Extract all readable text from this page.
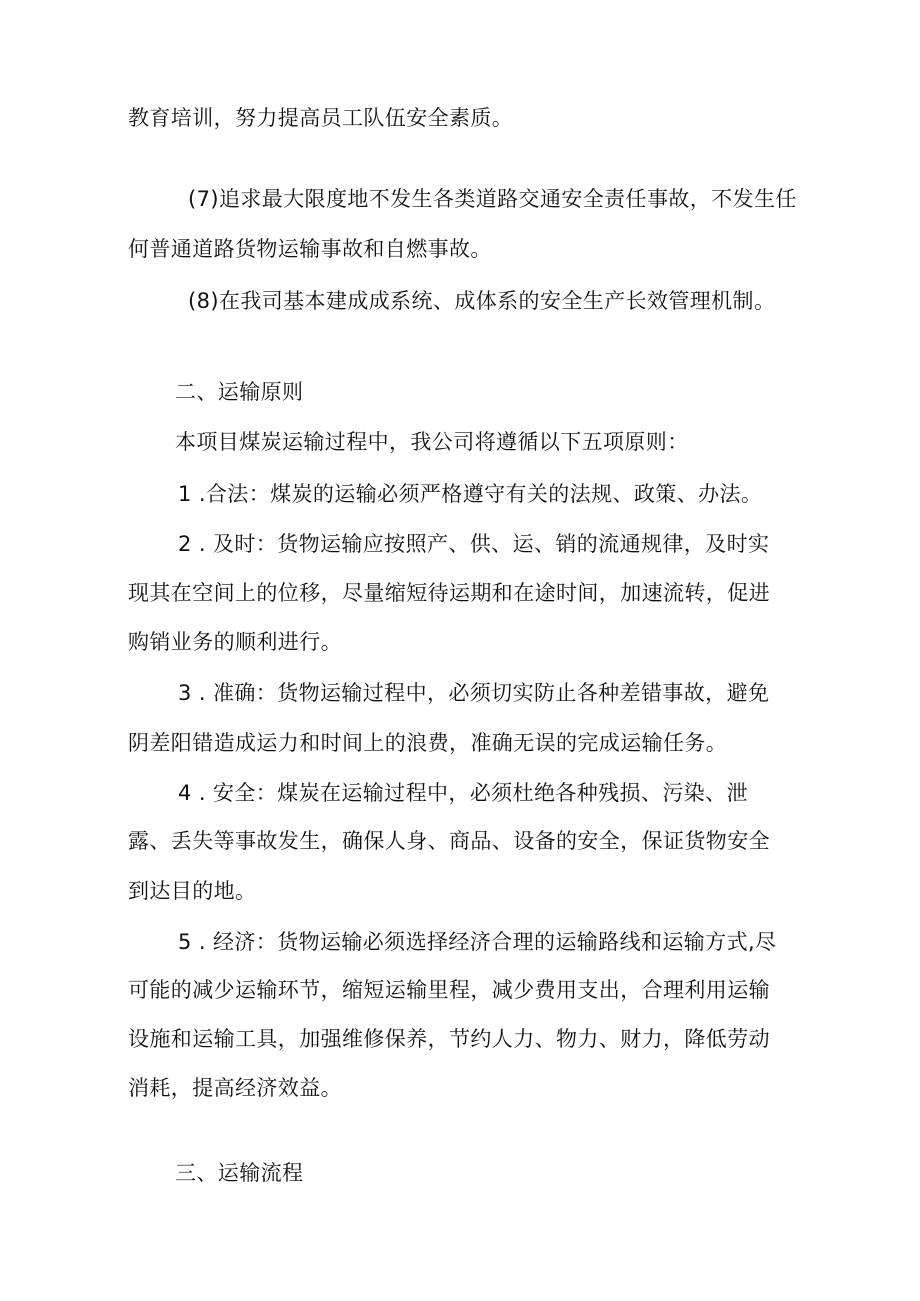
教育培训，努力提高员工队伍安全素质。
(7)追求最大限度地不发生各类道路交通安全责任事故，不发生任
何普通道路货物运输事故和自燃事故。
(8)在我司基本建成成系统、成体系的安全生产长效管理机制。
二、运输原则
本项目煤炭运输过程中，我公司将遵循以下五项原则：
1 .合法：煤炭的运输必须严格遵守有关的法规、政策、办法。
2 . 及时：货物运输应按照产、供、运、销的流通规律，及时实
现其在空间上的位移，尽量缩短待运期和在途时间，加速流转，促进
购销业务的顺利进行。
3 . 准确：货物运输过程中，必须切实防止各种差错事故，避免
阴差阳错造成运力和时间上的浪费，准确无误的完成运输任务。
4 . 安全：煤炭在运输过程中，必须杜绝各种残损、污染、泄
露、丢失等事故发生，确保人身、商品、设备的安全，保证货物安全
到达目的地。
5 . 经济：货物运输必须选择经济合理的运输路线和运输方式,尽
可能的减少运输环节，缩短运输里程，减少费用支出，合理利用运输
设施和运输工具，加强维修保养，节约人力、物力、财力，降低劳动
消耗，提高经济效益。
三、运输流程
